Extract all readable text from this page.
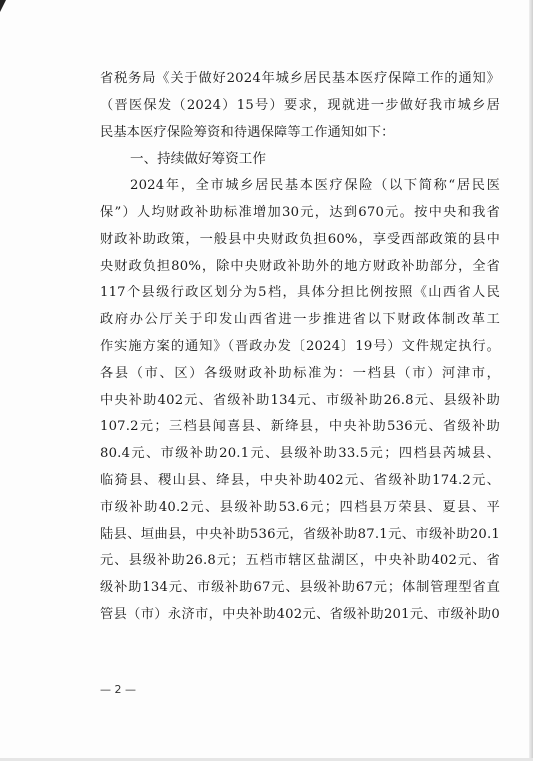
省税务局《关于做好2024年城乡居民基本医疗保障工作的通知》
（晋医保发（2024）15号）要求，现就进一步做好我市城乡居
民基本医疗保险筹资和待遇保障等工作通知如下：
一、持续做好筹资工作
2024年，全市城乡居民基本医疗保险（以下简称“居民医
保”）人均财政补助标准增加30元，达到670元。按中央和我省
财政补助政策，一般县中央财政负担60%，享受西部政策的县中
央财政负担80%，除中央财政补助外的地方财政补助部分，全省
117个县级行政区划分为5档，具体分担比例按照《山西省人民
政府办公厅关于印发山西省进一步推进省以下财政体制改革工
作实施方案的通知》（晋政办发〔2024〕19号）文件规定执行。
各县（市、区）各级财政补助标准为：一档县（市）河津市，
中央补助402元、省级补助134元、市级补助26.8元、县级补助
107.2元；三档县闻喜县、新绛县，中央补助536元、省级补助
80.4元、市级补助20.1元、县级补助33.5元；四档县芮城县、
临猗县、稷山县、绛县，中央补助402元、省级补助174.2元、
市级补助40.2元、县级补助53.6元；四档县万荣县、夏县、平
陆县、垣曲县，中央补助536元，省级补助87.1元、市级补助20.1
元、县级补助26.8元；五档市辖区盐湖区，中央补助402元、省
级补助134元、市级补助67元、县级补助67元；体制管理型省直
管县（市）永济市，中央补助402元、省级补助201元、市级补助0
— 2 —
